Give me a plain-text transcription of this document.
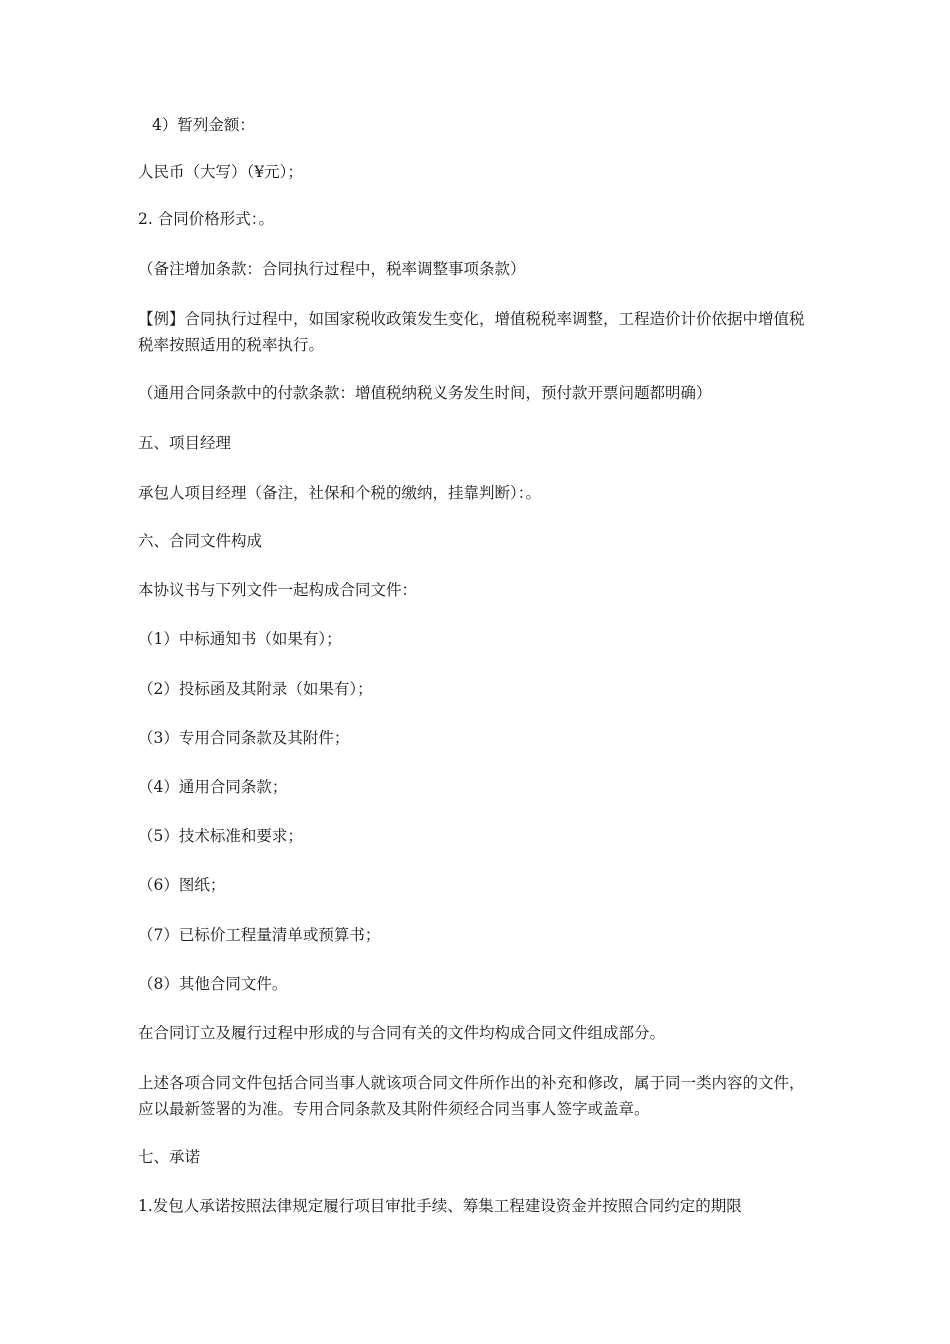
4）暂列金额：

人民币（大写）（¥元）；

2. 合同价格形式：。

（备注增加条款：合同执行过程中，税率调整事项条款）

【例】合同执行过程中，如国家税收政策发生变化，增值税税率调整，工程造价计价依据中增值税税率按照适用的税率执行。

（通用合同条款中的付款条款：增值税纳税义务发生时间，预付款开票问题都明确）

五、项目经理

承包人项目经理（备注，社保和个税的缴纳，挂靠判断）：。

六、合同文件构成

本协议书与下列文件一起构成合同文件：

（1）中标通知书（如果有）；

（2）投标函及其附录（如果有）；

（3）专用合同条款及其附件；

（4）通用合同条款；

（5）技术标准和要求；

（6）图纸；

（7）已标价工程量清单或预算书；

（8）其他合同文件。

在合同订立及履行过程中形成的与合同有关的文件均构成合同文件组成部分。

上述各项合同文件包括合同当事人就该项合同文件所作出的补充和修改，属于同一类内容的文件，应以最新签署的为准。专用合同条款及其附件须经合同当事人签字或盖章。

七、承诺

1.发包人承诺按照法律规定履行项目审批手续、筹集工程建设资金并按照合同约定的期限
